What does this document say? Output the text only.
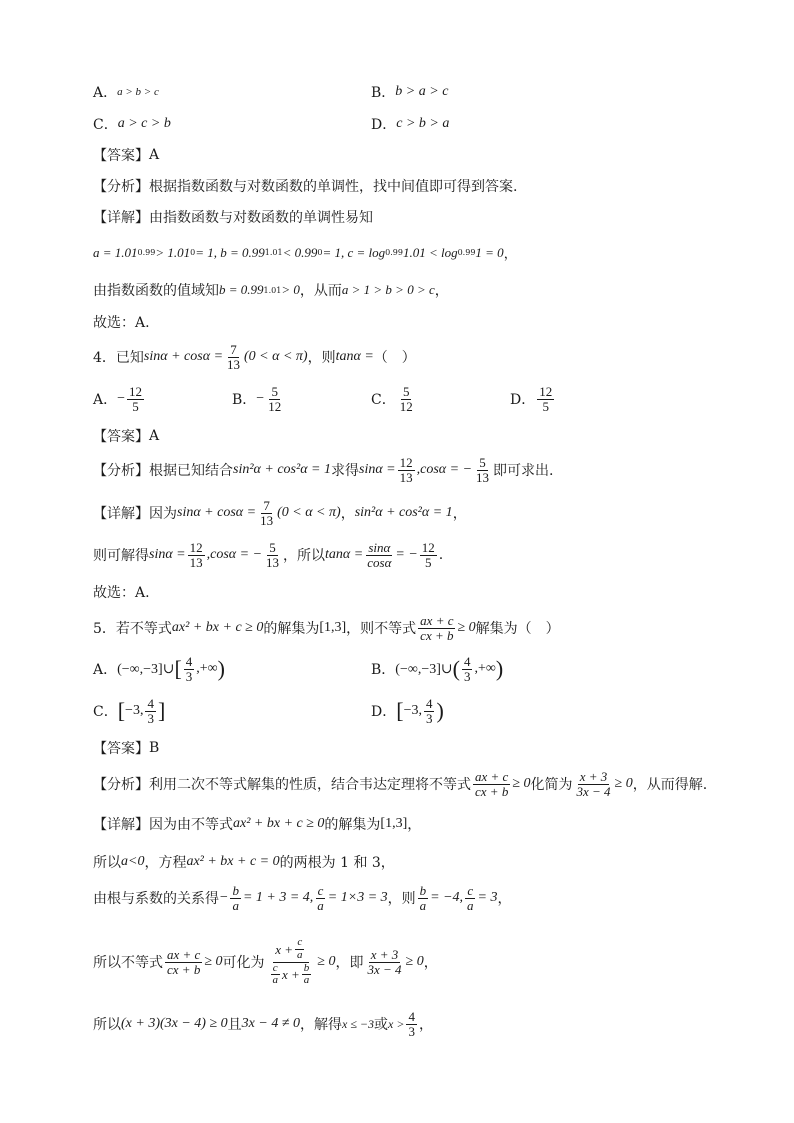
A． a > b > c	B． b > a > c
C． a > c > b	D． c > b > a
【答案】 A
【分析】 根据指数函数与对数函数的单调性，找中间值即可得到答案.
【详解】 由指数函数与对数函数的单调性易知
a = 1.01 0.99 > 1.01 0 = 1, b = 0.99 1.01 < 0.99 0 = 1, c = log 0.99 1.01 < log 0.99 1 = 0 ，
由指数函数的值域知 b = 0.99 1.01 > 0 ，从而 a > 1 > b > 0 > c ，
故选：A.
4．已知 $\sin\alpha + \cos\alpha = \frac{7}{13} (0 < \alpha < \pi)$ ，则 tanα = （　）
A． − $\frac{12}{5}$	B． − $\frac{5}{12}$	C． $\frac{5}{12}$	D． $\frac{12}{5}$
【答案】 A
【分析】 根据已知结合 sin²α + cos²α = 1 求得 $\sin\alpha = \frac{12}{13} ,\cos\alpha$ = − $\frac{5}{13}$ 即可求出.
【详解】 因为 $\sin\alpha + \cos\alpha = \frac{7}{13} (0 < \alpha < \pi)$ ， sin²α + cos²α = 1 ，
则可解得 $\sin\alpha = \frac{12}{13} ,\cos\alpha$ = − $\frac{5}{13}$ ，所以 $\tan\alpha = \frac{\sin\alpha}{\cos\alpha}$ = − $\frac{12}{5}$ .
故选：A.
5．若不等式 ax² + bx + c ≥ 0 的解集为 [1,3] ，则不等式 $\frac{ax + c}{cx + b} \ge 0$ 解集为（　）
A． (−∞,−3]∪ [ $\frac{4}{3}$ ,+∞ )	B． (−∞,−3]∪ ( $\frac{4}{3}$ ,+∞ )
C． [ −3, $\frac{4}{3}$ ]	D． [ −3, $\frac{4}{3}$ )
【答案】 B
【分析】 利用二次不等式解集的性质，结合韦达定理将不等式 $\frac{ax + c}{cx + b} \ge 0$ 化简为 $\frac{x + 3}{3x - 4} \ge 0$ ，从而得解.
【详解】 因为由不等式 ax² + bx + c ≥ 0 的解集为 [1,3] ，
所以 a<0 ，方程 ax² + bx + c = 0 的两根为 1 和 3，
由根与系数的关系得 − $\frac{b}{a} = 1 + 3 = 4$, $\frac{c}{a} = 1\times 3 = 3$ ，则 $\frac{b}{a} = -4$, $\frac{c}{a} = 3$ ，
所以不等式 $\frac{ax + c}{cx + b} \ge 0$ 可化为 $\frac{x + \frac{c}{a}}{\frac{c}{a} x + \frac{b}{a}} \ge 0$ ，即 $\frac{x + 3}{3x - 4} \ge 0$ ，
所以 (x + 3)(3x − 4) ≥ 0 且 3x − 4 ≠ 0 ，解得 x ≤ −3 或 $x > \frac{4}{3}$ ，
